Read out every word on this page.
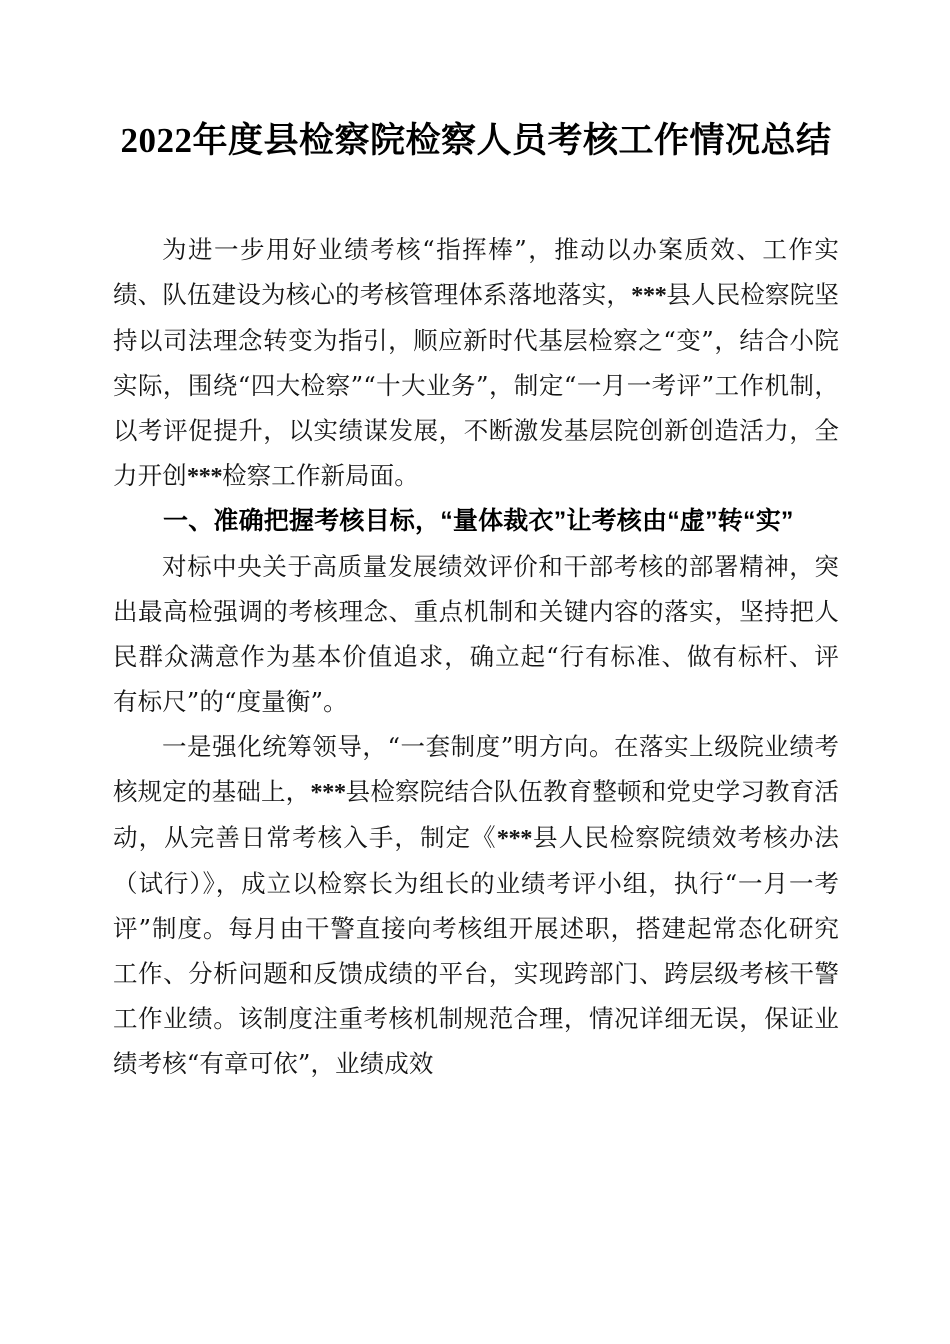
2022年度县检察院检察人员考核工作情况总结

为进一步用好业绩考核“指挥棒”，推动以办案质效、工作实绩、队伍建设为核心的考核管理体系落地落实，***县人民检察院坚持以司法理念转变为指引，顺应新时代基层检察之“变”，结合小院实际，围绕“四大检察”“十大业务”，制定“一月一考评”工作机制，以考评促提升，以实绩谋发展，不断激发基层院创新创造活力，全力开创***检察工作新局面。

一、准确把握考核目标，“量体裁衣”让考核由“虚”转“实”

对标中央关于高质量发展绩效评价和干部考核的部署精神，突出最高检强调的考核理念、重点机制和关键内容的落实，坚持把人民群众满意作为基本价值追求，确立起“行有标准、做有标杆、评有标尺”的“度量衡”。

一是强化统筹领导，“一套制度”明方向。在落实上级院业绩考核规定的基础上，***县检察院结合队伍教育整顿和党史学习教育活动，从完善日常考核入手，制定《***县人民检察院绩效考核办法（试行）》，成立以检察长为组长的业绩考评小组，执行“一月一考评”制度。每月由干警直接向考核组开展述职，搭建起常态化研究工作、分析问题和反馈成绩的平台，实现跨部门、跨层级考核干警工作业绩。该制度注重考核机制规范合理，情况详细无误，保证业绩考核“有章可依”，业绩成效
